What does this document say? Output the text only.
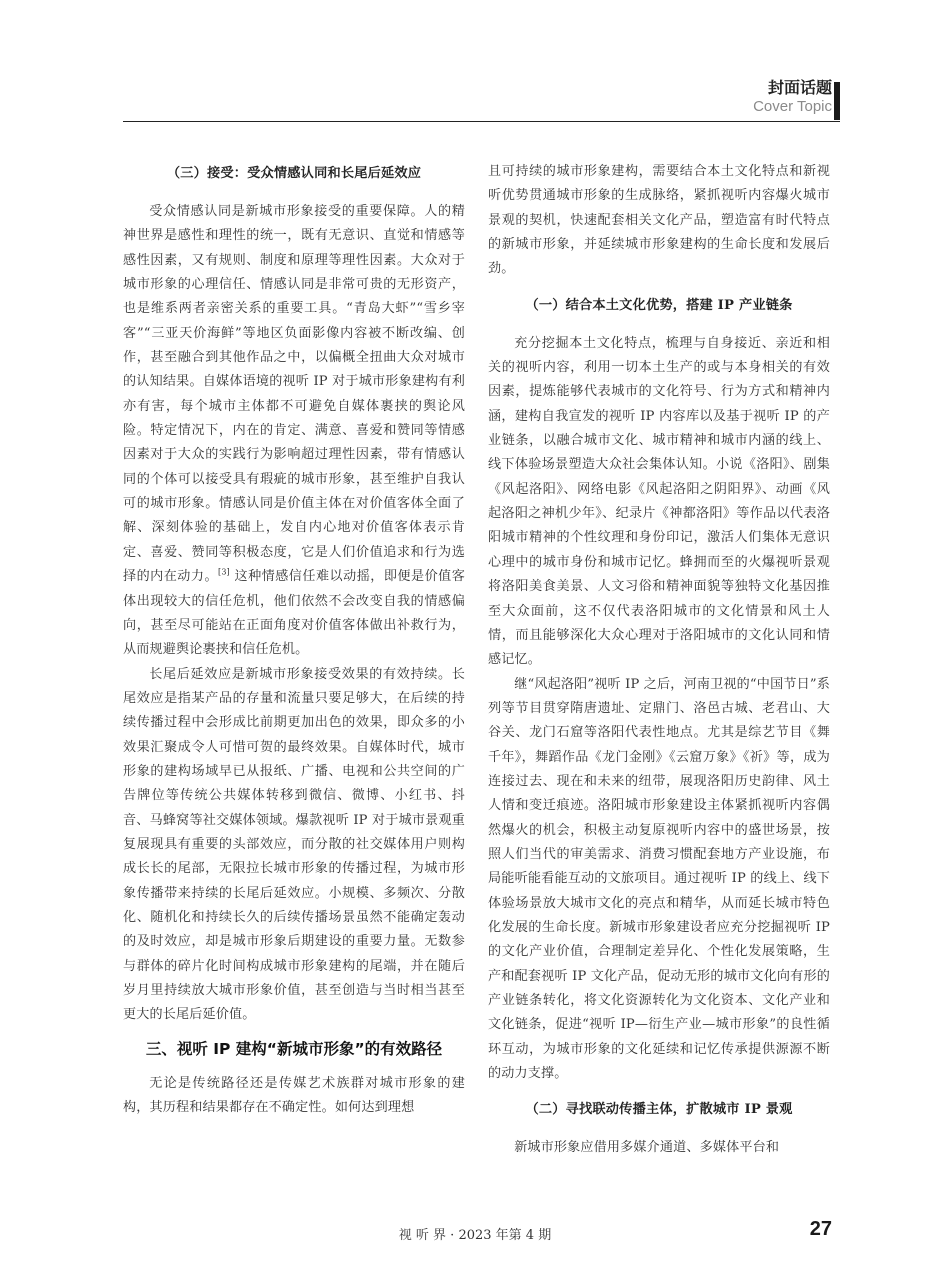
封面话题
Cover Topic
（三）接受：受众情感认同和长尾后延效应

受众情感认同是新城市形象接受的重要保障。人的精神世界是感性和理性的统一，既有无意识、直觉和情感等感性因素，又有规则、制度和原理等理性因素。大众对于城市形象的心理信任、情感认同是非常可贵的无形资产，也是维系两者亲密关系的重要工具。“青岛大虾”“雪乡宰客”“三亚天价海鲜”等地区负面影像内容被不断改编、创作，甚至融合到其他作品之中，以偏概全扭曲大众对城市的认知结果。自媒体语境的视听 IP 对于城市形象建构有利亦有害，每个城市主体都不可避免自媒体裹挟的舆论风险。特定情况下，内在的肯定、满意、喜爱和赞同等情感因素对于大众的实践行为影响超过理性因素，带有情感认同的个体可以接受具有瑕疵的城市形象，甚至维护自我认可的城市形象。情感认同是价值主体在对价值客体全面了解、深刻体验的基础上，发自内心地对价值客体表示肯定、喜爱、赞同等积极态度，它是人们价值追求和行为选择的内在动力。[3] 这种情感信任难以动摇，即便是价值客体出现较大的信任危机，他们依然不会改变自我的情感偏向，甚至尽可能站在正面角度对价值客体做出补救行为，从而规避舆论裹挟和信任危机。

长尾后延效应是新城市形象接受效果的有效持续。长尾效应是指某产品的存量和流量只要足够大，在后续的持续传播过程中会形成比前期更加出色的效果，即众多的小效果汇聚成令人可惜可贺的最终效果。自媒体时代，城市形象的建构场域早已从报纸、广播、电视和公共空间的广告牌位等传统公共媒体转移到微信、微博、小红书、抖音、马蜂窝等社交媒体领域。爆款视听 IP 对于城市景观重复展现具有重要的头部效应，而分散的社交媒体用户则构成长长的尾部，无限拉长城市形象的传播过程，为城市形象传播带来持续的长尾后延效应。小规模、多频次、分散化、随机化和持续长久的后续传播场景虽然不能确定轰动的及时效应，却是城市形象后期建设的重要力量。无数参与群体的碎片化时间构成城市形象建构的尾端，并在随后岁月里持续放大城市形象价值，甚至创造与当时相当甚至更大的长尾后延价值。

三、视听 IP 建构“新城市形象”的有效路径

无论是传统路径还是传媒艺术族群对城市形象的建构，其历程和结果都存在不确定性。如何达到理想

且可持续的城市形象建构，需要结合本土文化特点和新视听优势贯通城市形象的生成脉络，紧抓视听内容爆火城市景观的契机，快速配套相关文化产品，塑造富有时代特点的新城市形象，并延续城市形象建构的生命长度和发展后劲。

（一）结合本土文化优势，搭建 IP 产业链条

充分挖掘本土文化特点，梳理与自身接近、亲近和相关的视听内容，利用一切本土生产的或与本身相关的有效因素，提炼能够代表城市的文化符号、行为方式和精神内涵，建构自我宣发的视听 IP 内容库以及基于视听 IP 的产业链条，以融合城市文化、城市精神和城市内涵的线上、线下体验场景塑造大众社会集体认知。小说《洛阳》、剧集《风起洛阳》、网络电影《风起洛阳之阴阳界》、动画《风起洛阳之神机少年》、纪录片《神都洛阳》等作品以代表洛阳城市精神的个性纹理和身份印记，激活人们集体无意识心理中的城市身份和城市记忆。蜂拥而至的火爆视听景观将洛阳美食美景、人文习俗和精神面貌等独特文化基因推至大众面前，这不仅代表洛阳城市的文化情景和风土人情，而且能够深化大众心理对于洛阳城市的文化认同和情感记忆。

继“风起洛阳”视听 IP 之后，河南卫视的“中国节日”系列等节目贯穿隋唐遗址、定鼎门、洛邑古城、老君山、大谷关、龙门石窟等洛阳代表性地点。尤其是综艺节目《舞千年》，舞蹈作品《龙门金刚》《云窟万象》《祈》等，成为连接过去、现在和未来的纽带，展现洛阳历史韵律、风土人情和变迁痕迹。洛阳城市形象建设主体紧抓视听内容偶然爆火的机会，积极主动复原视听内容中的盛世场景，按照人们当代的审美需求、消费习惯配套地方产业设施，布局能听能看能互动的文旅项目。通过视听 IP 的线上、线下体验场景放大城市文化的亮点和精华，从而延长城市特色化发展的生命长度。新城市形象建设者应充分挖掘视听 IP 的文化产业价值，合理制定差异化、个性化发展策略，生产和配套视听 IP 文化产品，促动无形的城市文化向有形的产业链条转化，将文化资源转化为文化资本、文化产业和文化链条，促进“视听 IP—衍生产业—城市形象”的良性循环互动，为城市形象的文化延续和记忆传承提供源源不断的动力支撑。

（二）寻找联动传播主体，扩散城市 IP 景观

新城市形象应借用多媒介通道、多媒体平台和

视 听 界 · 2023 年第 4 期	27
